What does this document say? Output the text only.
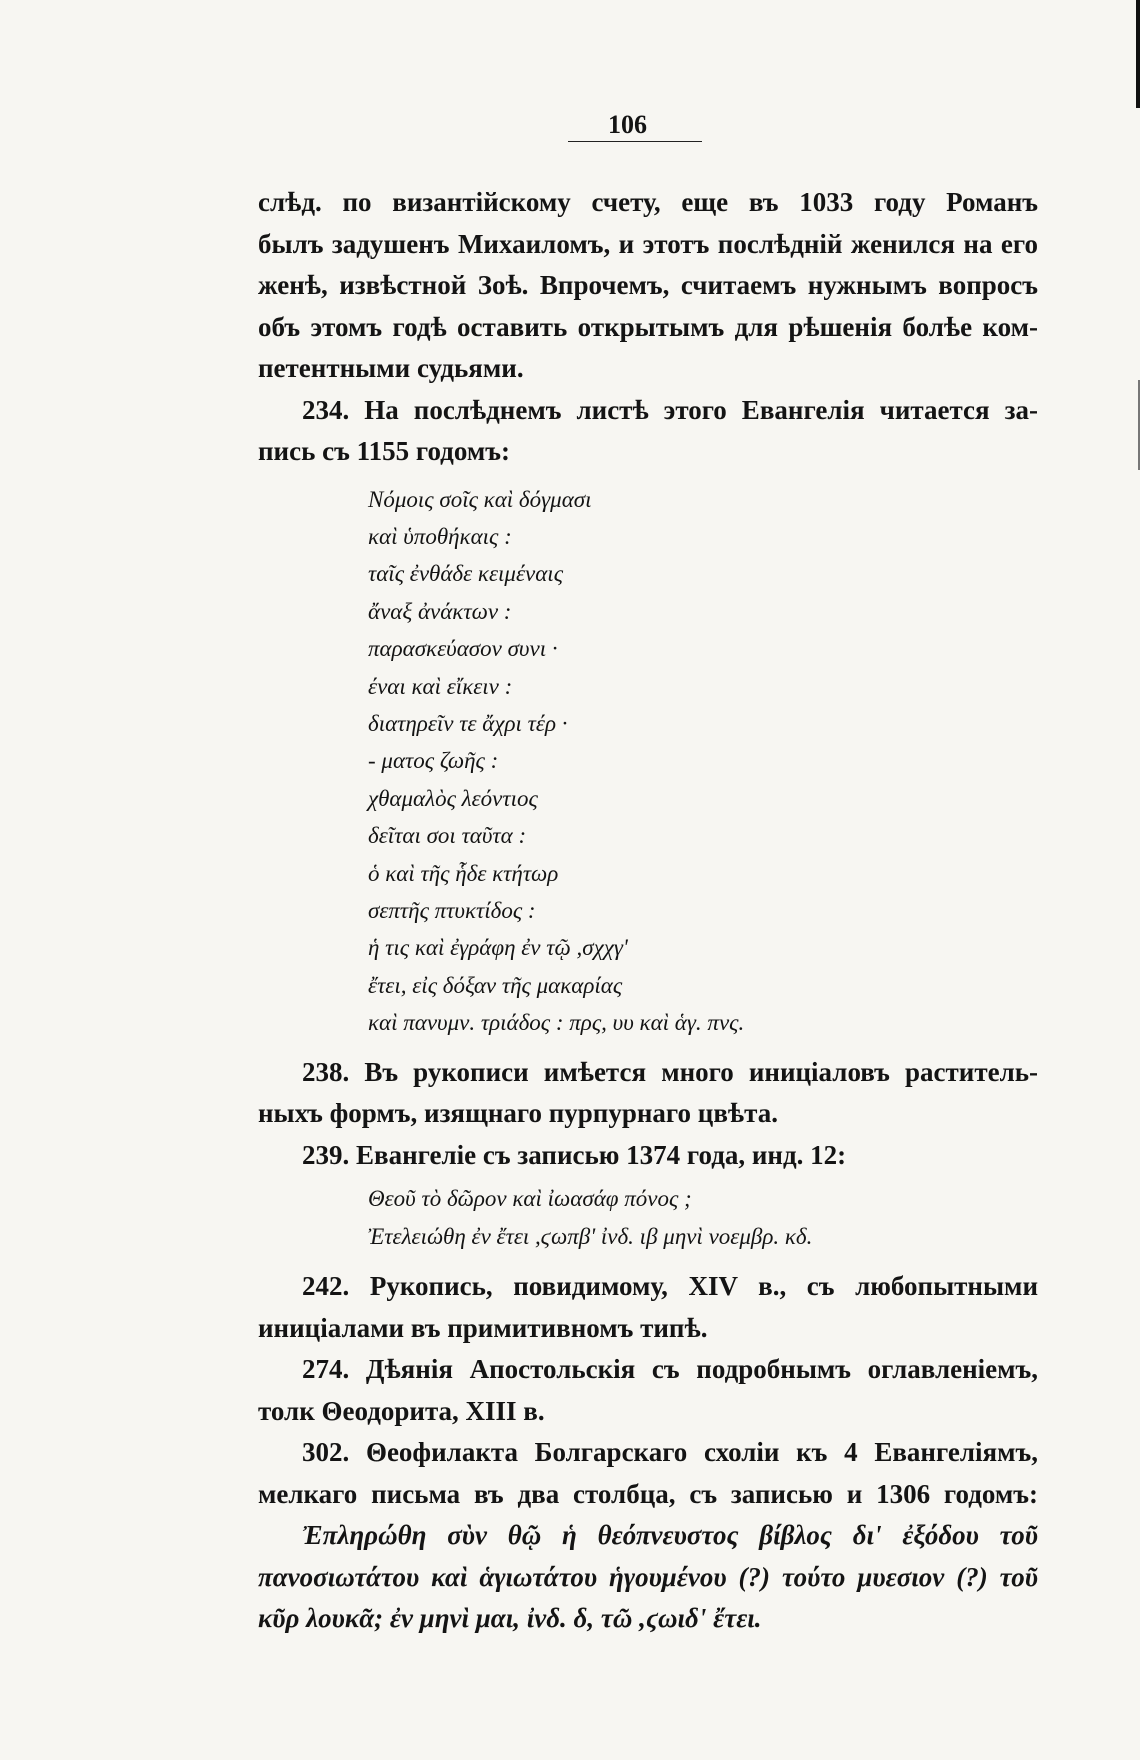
106

слѣд. по византійскому счету, еще въ 1033 году Романъ
былъ задушенъ Михаиломъ, и этотъ послѣдній женился на его
женѣ, извѣстной Зоѣ. Впрочемъ, считаемъ нужнымъ вопросъ
объ этомъ годѣ оставить открытымъ для рѣшенія болѣе ком-
петентными судьями.

234. На послѣднемъ листѣ этого Евангелія читается за-
пись съ 1155 годомъ:

Νόμοις σοῖς καὶ δόγμασι
καὶ ὑποθήκαις :
ταῖς ἐνθάδε κειμέναις
ἄναξ ἀνάκτων :
παρασκεύασον συνι ·
έναι καὶ εἴκειν :
διατηρεῖν τε ἄχρι τέρ ·
- ματος ζωῆς :
χθαμαλὸς λεόντιος
δεῖται σοι ταῦτα :
ὁ καὶ τῆς ἧδε κτήτωρ
σεπτῆς πτυκτίδος :
ἡ τις καὶ ἐγράφη ἐν τῷ ,σχχγ'
ἔτει, εἰς δόξαν τῆς μακαρίας
καὶ πανυμν. τριάδος : πρς, υυ καὶ ἁγ. πνς.

238. Въ рукописи имѣется много иниціаловъ раститель-
ныхъ формъ, изящнаго пурпурнаго цвѣта.

239. Евангеліе съ записью 1374 года, инд. 12:

Θεοῦ τὸ δῶρον καὶ ἰωασάφ πόνος ;
Ἐτελειώθη ἐν ἔτει ,ϛωπβ' ἰνδ. ιβ μηνὶ νοεμβρ. κδ.

242. Рукопись, повидимому, XIV в., съ любопытными
иниціалами въ примитивномъ типѣ.

274. Дѣянія Апостольскія съ подробнымъ оглавленіемъ,
толк Θеодорита, XIII в.

302. Θеофилакта Болгарскаго схоліи къ 4 Евангеліямъ,
мелкаго письма въ два столбца, съ записью и 1306 годомъ:
Ἐπληρώθη σὺν θῷ ἡ θεόπνευστος βίβλος δι' ἐξόδου τοῦ
πανοσιωτάτου καὶ ἁγιωτάτου ἡγουμένου (?) τούτο μυεσιον (?) τοῦ
κῦρ λουκᾶ; ἐν μηνὶ μαι, ἰνδ. δ, τῶ ,ϛωιδ' ἔτει.
